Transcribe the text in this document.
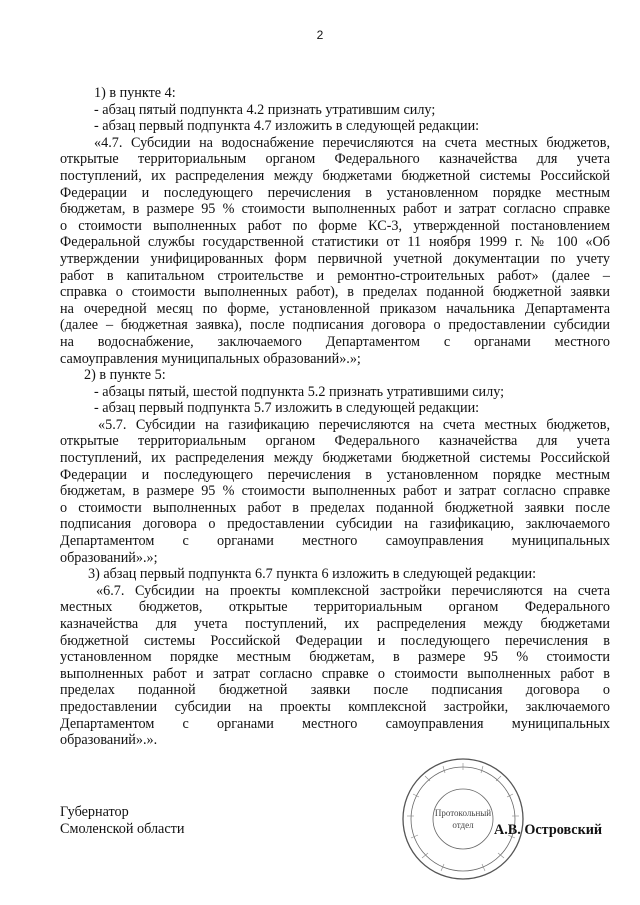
2
1) в пункте 4:
- абзац пятый подпункта 4.2 признать утратившим силу;
- абзац первый подпункта 4.7 изложить в следующей редакции:
«4.7. Субсидии на водоснабжение перечисляются на счета местных бюджетов,
открытые территориальным органом Федерального казначейства для учета
поступлений, их распределения между бюджетами бюджетной системы Российской
Федерации и последующего перечисления в установленном порядке местным
бюджетам, в размере 95 % стоимости выполненных работ и затрат согласно справке
о стоимости выполненных работ по форме КС-3, утвержденной постановлением
Федеральной службы государственной статистики от 11 ноября 1999 г. № 100 «Об
утверждении унифицированных форм первичной учетной документации по учету
работ в капитальном строительстве и ремонтно-строительных работ» (далее –
справка о стоимости выполненных работ), в пределах поданной бюджетной заявки
на очередной месяц по форме, установленной приказом начальника Департамента
(далее – бюджетная заявка), после подписания договора о предоставлении субсидии
на водоснабжение, заключаемого Департаментом с органами местного
самоуправления муниципальных образований».»;
2) в пункте 5:
- абзацы пятый, шестой подпункта 5.2 признать утратившими силу;
- абзац первый подпункта 5.7 изложить в следующей редакции:
«5.7. Субсидии на газификацию перечисляются на счета местных бюджетов,
открытые территориальным органом Федерального казначейства для учета
поступлений, их распределения между бюджетами бюджетной системы Российской
Федерации и последующего перечисления в установленном порядке местным
бюджетам, в размере 95 % стоимости выполненных работ и затрат согласно справке
о стоимости выполненных работ в пределах поданной бюджетной заявки после
подписания договора о предоставлении субсидии на газификацию, заключаемого
Департаментом с органами местного самоуправления муниципальных
образований».»;
3) абзац первый подпункта 6.7 пункта 6 изложить в следующей редакции:
«6.7. Субсидии на проекты комплексной застройки перечисляются на счета
местных бюджетов, открытые территориальным органом Федерального
казначейства для учета поступлений, их распределения между бюджетами
бюджетной системы Российской Федерации и последующего перечисления в
установленном порядке местным бюджетам, в размере 95 % стоимости
выполненных работ и затрат согласно справке о стоимости выполненных работ в
пределах поданной бюджетной заявки после подписания договора о
предоставлении субсидии на проекты комплексной застройки, заключаемого
Департаментом с органами местного самоуправления муниципальных
образований».».
Губернатор
Смоленской области
Протокольный
отдел А.В. Островский
